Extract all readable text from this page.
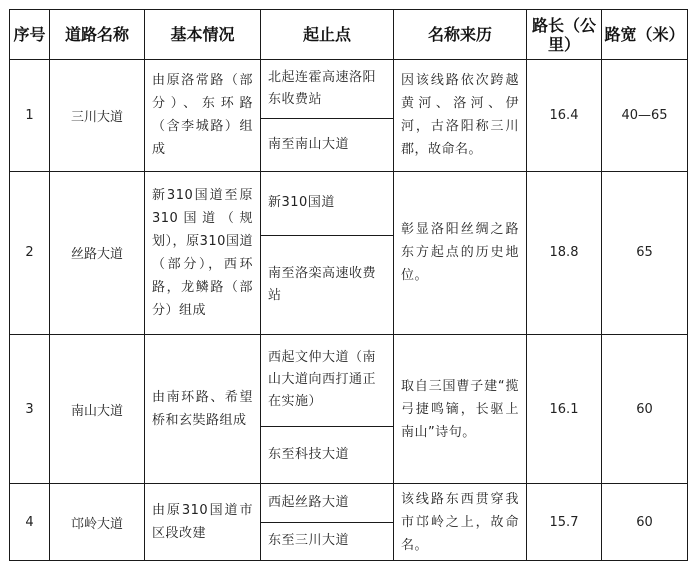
序号	道路名称	基本情况	起止点	名称来历	路长（公里）	路宽（米）
1	三川大道	由原洛常路（部分）、东环路（含李城路）组成	北起连霍高速洛阳东收费站	因该线路依次跨越黄河、洛河、伊河，古洛阳称三川郡，故命名。	16.4	40—65
			南至南山大道			
2	丝路大道	新310国道至原310国道（规划），原310国道（部分），西环路，龙鳞路（部分）组成	新310国道	彰显洛阳丝绸之路东方起点的历史地位。	18.8	65
			南至洛栾高速收费站			
3	南山大道	由南环路、希望桥和玄奘路组成	西起文仲大道（南山大道向西打通正在实施）	取自三国曹子建“揽弓捷鸣镝，长驱上南山”诗句。	16.1	60
			东至科技大道			
4	邙岭大道	由原310国道市区段改建	西起丝路大道	该线路东西贯穿我市邙岭之上，故命名。	15.7	60
			东至三川大道			
